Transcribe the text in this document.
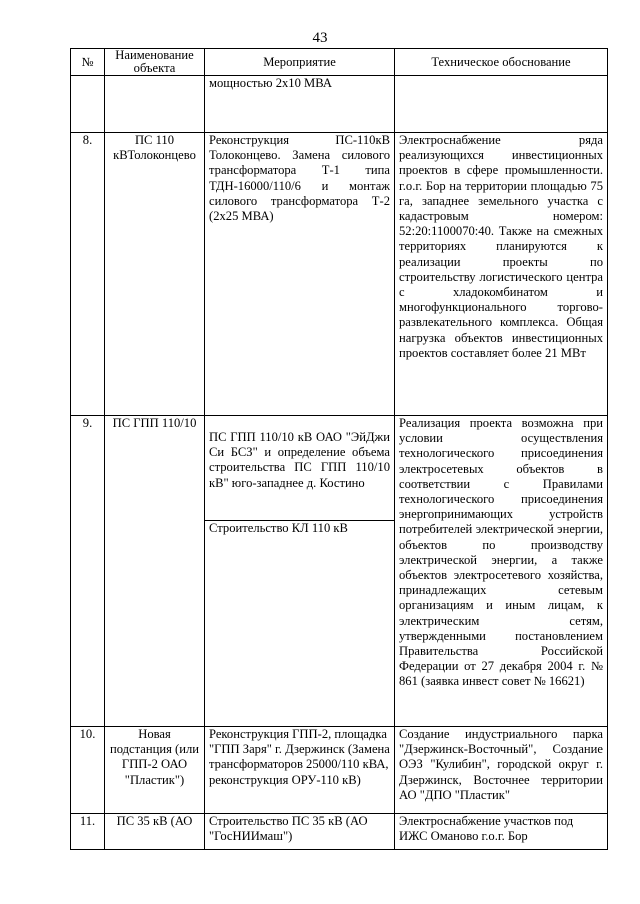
43
№	Наименование объекта	Мероприятие	Техническое обоснование
		мощностью 2х10 МВА	
8.	ПС 110 кВТолоконцево	Реконструкция ПС-110кВ Толоконцево. Замена силового трансформатора Т-1 типа ТДН-16000/110/6 и монтаж силового трансформатора Т-2 (2х25 МВА)	Электроснабжение ряда реализующихся инвестиционных проектов в сфере промышленности. г.о.г. Бор на территории площадью 75 га, западнее земельного участка с кадастровым номером: 52:20:1100070:40. Также на смежных территориях планируются к реализации проекты по строительству логистического центра с хладокомбинатом и многофункционального торгово-развлекательного комплекса. Общая нагрузка объектов инвестиционных проектов составляет более 21 МВт
9.	ПС ГПП 110/10	ПС ГПП 110/10 кВ ОАО "ЭйДжи Си БСЗ" и определение объема строительства ПС ГПП 110/10 кВ" юго-западнее д. Костино	Реализация проекта возможна при условии осуществления технологического присоединения электросетевых объектов в соответствии с Правилами технологического присоединения энергопринимающих устройств потребителей электрической энергии, объектов по производству электрической энергии, а также объектов электросетевого хозяйства, принадлежащих сетевым организациям и иным лицам, к электрическим сетям, утвержденными постановлением Правительства Российской Федерации от 27 декабря 2004 г. № 861 (заявка инвест совет № 16621)
		Строительство КЛ 110 кВ	
10.	Новая подстанция (или ГПП-2 ОАО "Пластик")	Реконструкция ГПП-2, площадка "ГПП Заря" г. Дзержинск (Замена трансформаторов 25000/110 кВА, реконструкция ОРУ-110 кВ)	Создание индустриального парка "Дзержинск-Восточный", Создание ОЭЗ "Кулибин", городской округ г. Дзержинск, Восточнее территории АО "ДПО "Пластик"
11.	ПС 35 кВ (АО	Строительство ПС 35 кВ (АО "ГосНИИмаш")	Электроснабжение участков под ИЖС Оманово г.о.г. Бор
